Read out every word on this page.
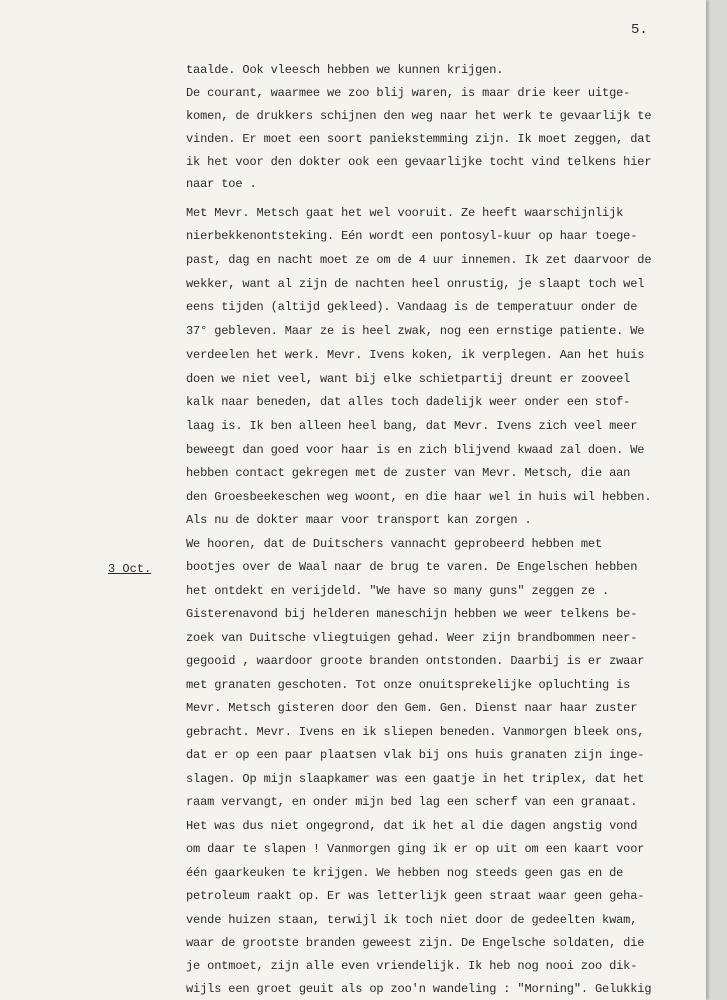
5.
3 Oct.
taalde. Ook vleesch hebben we kunnen krijgen.
De courant, waarmee we zoo blij waren, is maar drie keer uitge-
komen, de drukkers schijnen den weg naar het werk te gevaarlijk te
vinden. Er moet een soort paniekstemming zijn. Ik moet zeggen, dat
ik het voor den dokter ook een gevaarlijke tocht vind telkens hier
naar toe .
Met Mevr. Metsch gaat het wel vooruit. Ze heeft waarschijnlijk
nierbekkenontsteking. Eén wordt een pontosyl-kuur op haar toege-
past, dag en nacht moet ze om de 4 uur innemen. Ik zet daarvoor de
wekker, want al zijn de nachten heel onrustig, je slaapt toch wel
eens tijden (altijd gekleed). Vandaag is de temperatuur onder de
37° gebleven. Maar ze is heel zwak, nog een ernstige patiente. We
verdeelen het werk. Mevr. Ivens koken, ik verplegen. Aan het huis
doen we niet veel, want bij elke schietpartij dreunt er zooveel
kalk naar beneden, dat alles toch dadelijk weer onder een stof-
laag is. Ik ben alleen heel bang, dat Mevr. Ivens zich veel meer
beweegt dan goed voor haar is en zich blijvend kwaad zal doen. We
hebben contact gekregen met de zuster van Mevr. Metsch, die aan
den Groesbeekeschen weg woont, en die haar wel in huis wil hebben.
Als nu de dokter maar voor transport kan zorgen .
We hooren, dat de Duitschers vannacht geprobeerd hebben met
bootjes over de Waal naar de brug te varen. De Engelschen hebben
het ontdekt en verijdeld. "We have so many guns" zeggen ze .
Gisterenavond bij helderen maneschijn hebben we weer telkens be-
zoek van Duitsche vliegtuigen gehad. Weer zijn brandbommen neer-
gegooid , waardoor groote branden ontstonden. Daarbij is er zwaar
met granaten geschoten. Tot onze onuitsprekelijke opluchting is
Mevr. Metsch gisteren door den Gem. Gen. Dienst naar haar zuster
gebracht. Mevr. Ivens en ik sliepen beneden. Vanmorgen bleek ons,
dat er op een paar plaatsen vlak bij ons huis granaten zijn inge-
slagen. Op mijn slaapkamer was een gaatje in het triplex, dat het
raam vervangt, en onder mijn bed lag een scherf van een granaat.
Het was dus niet ongegrond, dat ik het al die dagen angstig vond
om daar te slapen ! Vanmorgen ging ik er op uit om een kaart voor
één gaarkeuken te krijgen. We hebben nog steeds geen gas en de
petroleum raakt op. Er was letterlijk geen straat waar geen geha-
vende huizen staan, terwijl ik toch niet door de gedeelten kwam,
waar de grootste branden geweest zijn. De Engelsche soldaten, die
je ontmoet, zijn alle even vriendelijk. Ik heb nog nooi zoo dik-
wijls een groet geuit als op zoo'n wandeling : "Morning". Gelukkig
